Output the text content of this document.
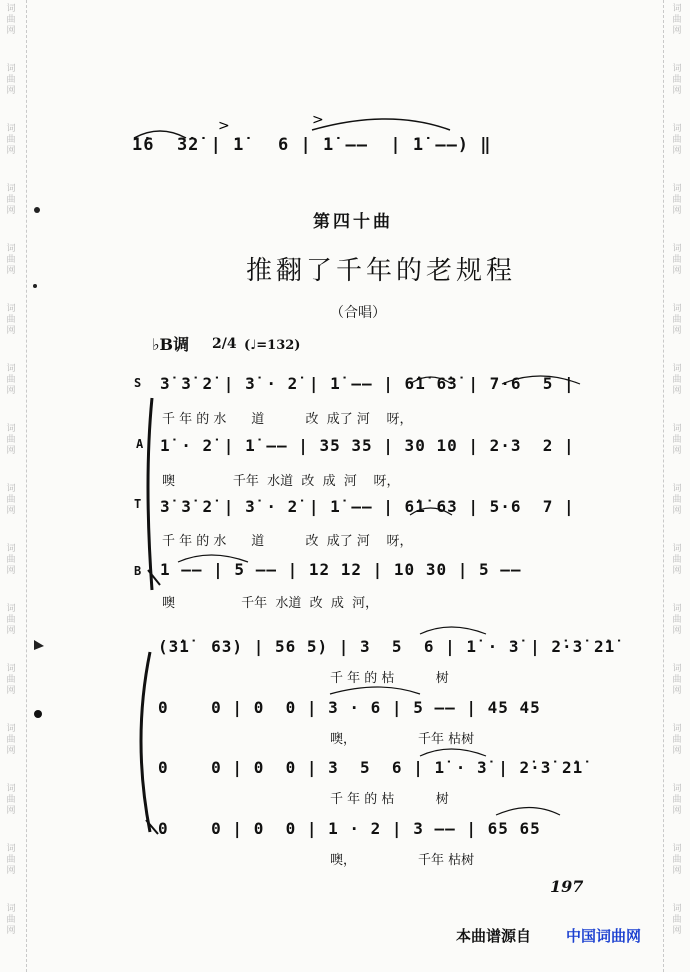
词
曲
网
词
曲
网
词
曲
网
词
曲
网
词
曲
网
词
曲
网
词
曲
网
词
曲
网
词
曲
网
词
曲
网
词
曲
网
词
曲
网
词
曲
网
词
曲
网
词
曲
网
词
曲
网
词
曲
网
词
曲
网
词
曲
网
词
曲
网
词
曲
网
词
曲
网
词
曲
网
词
曲
网
词
曲
网
词
曲
网
词
曲
网
词
曲
网
词
曲
网
词
曲
网
词
曲
网
词
曲
网
>	>
1̇6  3̇2̇ | 1̇   6 | 1̇ ——  | 1̇ ——) ‖
第四十曲
推翻了千年的老规程
（合唱）
♭B调 2/4 (♩=132)
S
A
T
B
3̇ 3̇ 2̇ | 3̇ · 2̇ | 1̇ —— | 6̇1̇ 6̇3̇ | 7·6  5 |
千 年 的 水      道          改  成了 河    呀，
1̇ · 2̇ | 1̇ —— | 35 35 | 30 10 | 2·3  2 |
噢              千年  水道  改  成  河    呀，
3̇ 3̇ 2̇ | 3̇ · 2̇ | 1̇ —— | 6̇1̇ 63 | 5·6  7 |
千 年 的 水      道          改  成了 河    呀，
1 —— | 5 —— | 12 12 | 10 30 | 5 ——
噢                千年  水道  改  成  河，
(3̇1̇  63) | 56 5) | 3  5  6 | 1̇ · 3̇ | 2̇·3̇ 2̇1̇
千 年 的 枯          树
0    0 | 0  0 | 3 · 6 | 5 —— | 45 45
噢，               千年 枯树
0    0 | 0  0 | 3  5  6 | 1̇ · 3̇ | 2̇·3̇ 2̇1̇
千 年 的 枯          树
0    0 | 0  0 | 1 · 2 | 3 —— | 65 65
噢，               千年 枯树
197
本曲谱源自 中国词曲网
